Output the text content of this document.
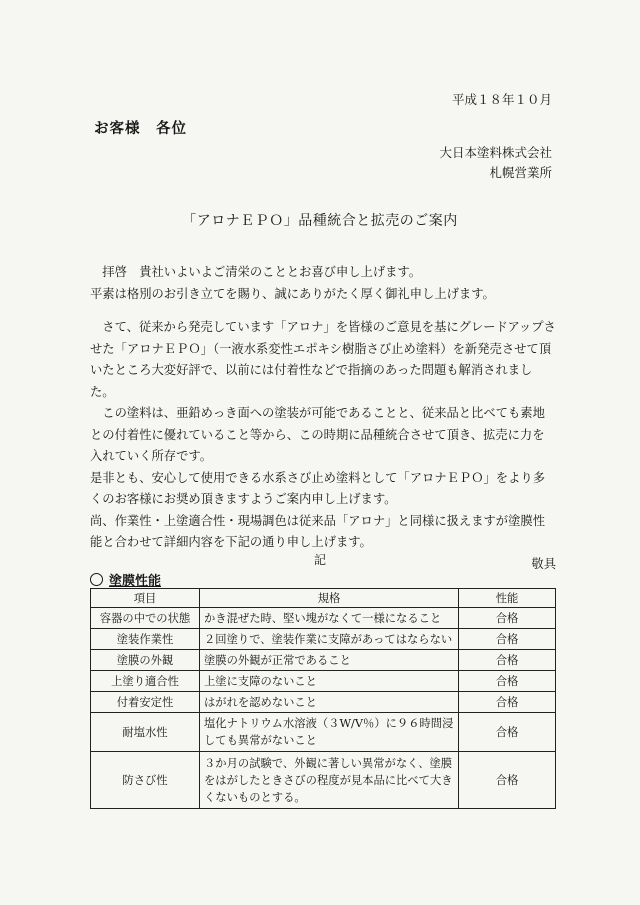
平成１８年１０月
お客様　各位
大日本塗料株式会社
札幌営業所
「アロナＥＰＯ」品種統合と拡売のご案内

拝啓　貴社いよいよご清栄のこととお喜び申し上げます。

平素は格別のお引き立てを賜り、誠にありがたく厚く御礼申し上げます。

さて、従来から発売しています「アロナ」を皆様のご意見を基にグレードアップさせた「アロナＥＰＯ」（一液水系変性エポキシ樹脂さび止め塗料）を新発売させて頂いたところ大変好評で、以前には付着性などで指摘のあった問題も解消されました。

この塗料は、亜鉛めっき面への塗装が可能であることと、従来品と比べても素地との付着性に優れていること等から、この時期に品種統合させて頂き、拡売に力を入れていく所存です。

是非とも、安心して使用できる水系さび止め塗料として「アロナＥＰＯ」をより多くのお客様にお奨め頂きますようご案内申し上げます。

尚、作業性・上塗適合性・現場調色は従来品「アロナ」と同様に扱えますが塗膜性能と合わせて詳細内容を下記の通り申し上げます。

敬具

記
塗膜性能
項目	規格	性能
容器の中での状態	かき混ぜた時、堅い塊がなくて一様になること	合格
塗装作業性	２回塗りで、塗装作業に支障があってはならない	合格
塗膜の外観	塗膜の外観が正常であること	合格
上塗り適合性	上塗に支障のないこと	合格
付着安定性	はがれを認めないこと	合格
耐塩水性	塩化ナトリウム水溶液（３W/V％）に９６時間浸しても異常がないこと	合格
防さび性	３か月の試験で、外観に著しい異常がなく、塗膜をはがしたときさびの程度が見本品に比べて大きくないものとする。	合格
